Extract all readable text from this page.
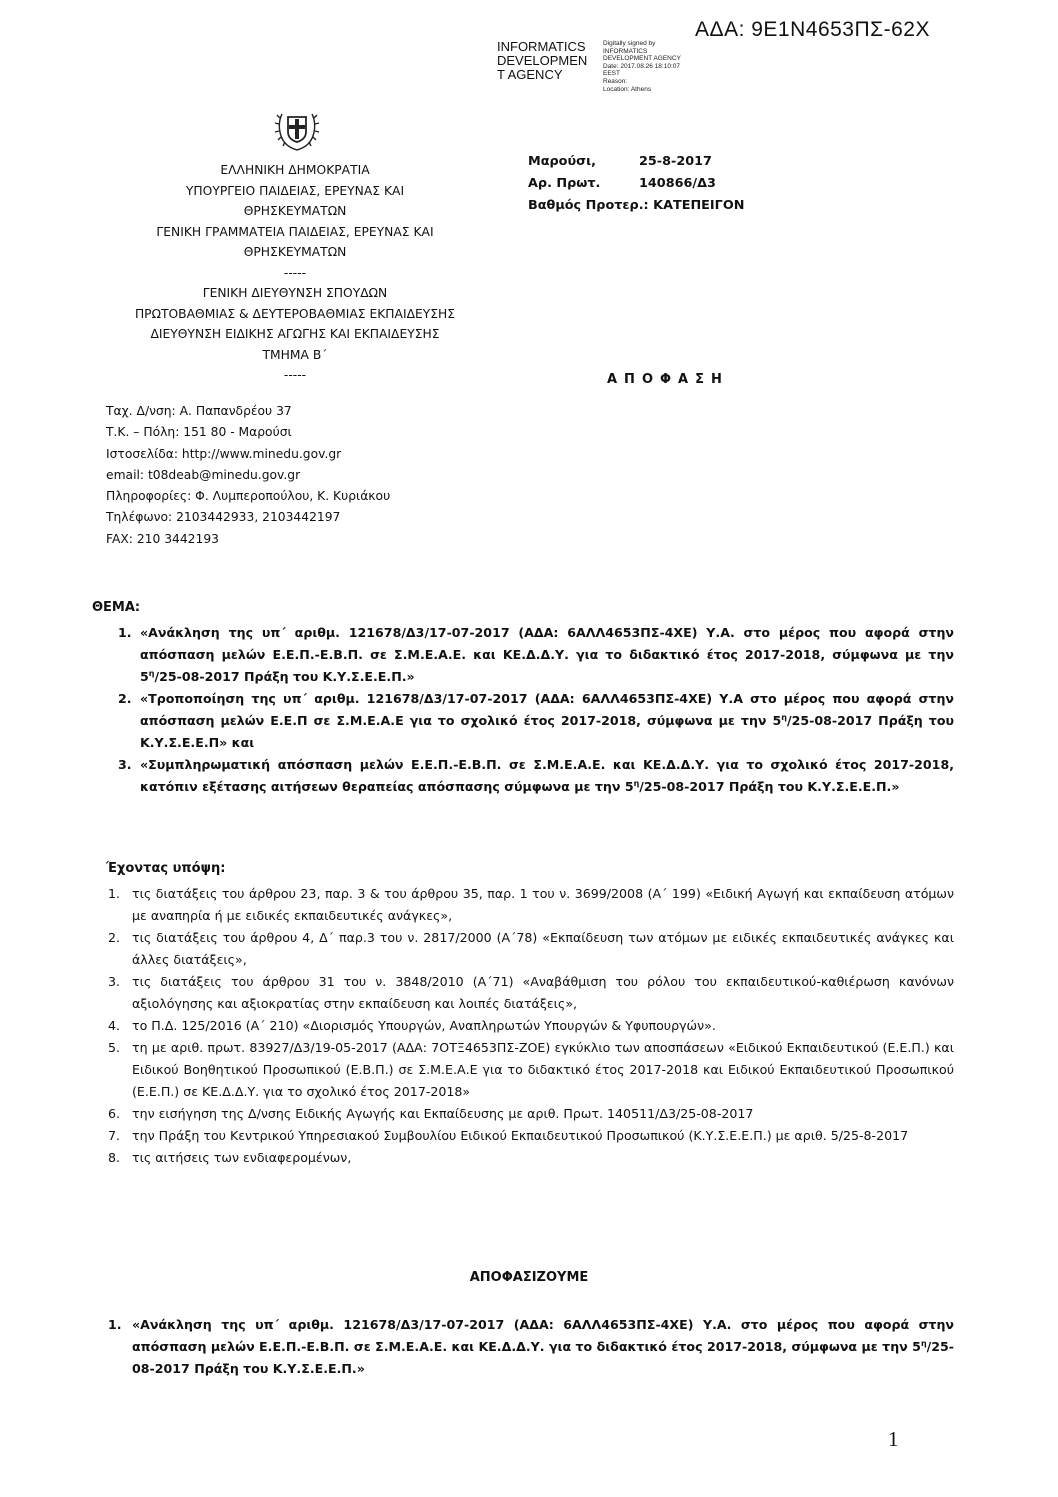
ΑΔΑ: 9Ε1Ν4653ΠΣ-62Χ
INFORMATICS
DEVELOPMEN
T AGENCY
Digitally signed by
INFORMATICS
DEVELOPMENT AGENCY
Date: 2017.08.26 18:10:07
EEST
Reason:
Location: Athens
ΕΛΛΗΝΙΚΗ ΔΗΜΟΚΡΑΤΙΑ
ΥΠΟΥΡΓΕΙΟ ΠΑΙΔΕΙΑΣ, ΕΡΕΥΝΑΣ ΚΑΙ
ΘΡΗΣΚΕΥΜΑΤΩΝ
ΓΕΝΙΚΗ ΓΡΑΜΜΑΤΕΙΑ ΠΑΙΔΕΙΑΣ, ΕΡΕΥΝΑΣ ΚΑΙ
ΘΡΗΣΚΕΥΜΑΤΩΝ
-----
ΓΕΝΙΚΗ ΔΙΕΥΘΥΝΣΗ ΣΠΟΥΔΩΝ
ΠΡΩΤΟΒΑΘΜΙΑΣ & ΔΕΥΤΕΡΟΒΑΘΜΙΑΣ ΕΚΠΑΙΔΕΥΣΗΣ
ΔΙΕΥΘΥΝΣΗ ΕΙΔΙΚΗΣ ΑΓΩΓΗΣ ΚΑΙ ΕΚΠΑΙΔΕΥΣΗΣ
ΤΜΗΜΑ Β΄
-----
Ταχ. Δ/νση: Α. Παπανδρέου 37
Τ.Κ. – Πόλη: 151 80 - Μαρούσι
Ιστοσελίδα: http://www.minedu.gov.gr
email: t08deab@minedu.gov.gr
Πληροφορίες: Φ. Λυμπεροπούλου, Κ. Κυριάκου
Τηλέφωνο: 2103442933, 2103442197
FAX: 210 3442193
Μαρούσι,	25-8-2017
Αρ. Πρωτ.	140866/Δ3
Βαθμός Προτερ.:
ΚΑΤΕΠΕΙΓΟΝ
ΑΠΟΦΑΣΗ
ΘΕΜΑ:
1. «Ανάκληση της υπ΄ αριθμ. 121678/Δ3/17-07-2017 (ΑΔΑ: 6ΑΛΛ4653ΠΣ-4ΧΕ) Υ.Α. στο μέρος που αφορά στην απόσπαση μελών Ε.Ε.Π.-Ε.Β.Π. σε Σ.Μ.Ε.Α.Ε. και ΚΕ.Δ.Δ.Υ. για το διδακτικό έτος 2017-2018, σύμφωνα με την $5^\eta/25-08-2017$ Πράξη του Κ.Υ.Σ.Ε.Ε.Π.»
2. «Τροποποίηση της υπ΄ αριθμ. 121678/Δ3/17-07-2017 (ΑΔΑ: 6ΑΛΛ4653ΠΣ-4ΧΕ) Υ.Α στο μέρος που αφορά στην απόσπαση μελών Ε.Ε.Π σε Σ.Μ.Ε.Α.Ε για το σχολικό έτος 2017-2018, σύμφωνα με την $5^\eta/25-08-2017$ Πράξη του Κ.Υ.Σ.Ε.Ε.Π» και
3. «Συμπληρωματική απόσπαση μελών Ε.Ε.Π.-Ε.Β.Π. σε Σ.Μ.Ε.Α.Ε. και ΚΕ.Δ.Δ.Υ. για το σχολικό έτος 2017-2018, κατόπιν εξέτασης αιτήσεων θεραπείας απόσπασης σύμφωνα με την $5^\eta/25-08-2017$ Πράξη του Κ.Υ.Σ.Ε.Ε.Π.»
Έχοντας υπόψη:
1. τις διατάξεις του άρθρου 23, παρ. 3 & του άρθρου 35, παρ. 1 του ν. 3699/2008 (Α΄ 199) «Ειδική Αγωγή και εκπαίδευση ατόμων με αναπηρία ή με ειδικές εκπαιδευτικές ανάγκες»,
2. τις διατάξεις του άρθρου 4, Δ΄ παρ.3 του ν. 2817/2000 (Α΄78) «Εκπαίδευση των ατόμων με ειδικές εκπαιδευτικές ανάγκες και άλλες διατάξεις»,
3. τις διατάξεις του άρθρου 31 του ν. 3848/2010 (Α΄71) «Αναβάθμιση του ρόλου του εκπαιδευτικού-καθιέρωση κανόνων αξιολόγησης και αξιοκρατίας στην εκπαίδευση και λοιπές διατάξεις»,
4. το Π.Δ. 125/2016 (Α΄ 210) «Διορισμός Υπουργών, Αναπληρωτών Υπουργών & Υφυπουργών».
5. τη με αριθ. πρωτ. 83927/Δ3/19-05-2017 (ΑΔΑ: 7ΟΤΞ4653ΠΣ-ΖΟΕ) εγκύκλιο των αποσπάσεων «Ειδικού Εκπαιδευτικού (Ε.Ε.Π.) και Ειδικού Βοηθητικού Προσωπικού (Ε.Β.Π.) σε Σ.Μ.Ε.Α.Ε για το διδακτικό έτος 2017-2018 και Ειδικού Εκπαιδευτικού Προσωπικού (Ε.Ε.Π.) σε ΚΕ.Δ.Δ.Υ. για το σχολικό έτος 2017-2018»
6. την εισήγηση της Δ/νσης Ειδικής Αγωγής και Εκπαίδευσης με αριθ. Πρωτ. 140511/Δ3/25-08-2017
7. την Πράξη του Κεντρικού Υπηρεσιακού Συμβουλίου Ειδικού Εκπαιδευτικού Προσωπικού (Κ.Υ.Σ.Ε.Ε.Π.) με αριθ. 5/25-8-2017
8. τις αιτήσεις των ενδιαφερομένων,
ΑΠΟΦΑΣΙΖΟΥΜΕ
1. «Ανάκληση της υπ΄ αριθμ. 121678/Δ3/17-07-2017 (ΑΔΑ: 6ΑΛΛ4653ΠΣ-4ΧΕ) Υ.Α. στο μέρος που αφορά στην απόσπαση μελών Ε.Ε.Π.-Ε.Β.Π. σε Σ.Μ.Ε.Α.Ε. και ΚΕ.Δ.Δ.Υ. για το διδακτικό έτος 2017-2018, σύμφωνα με την $5^\eta/25-08-2017$ Πράξη του Κ.Υ.Σ.Ε.Ε.Π.»
1
